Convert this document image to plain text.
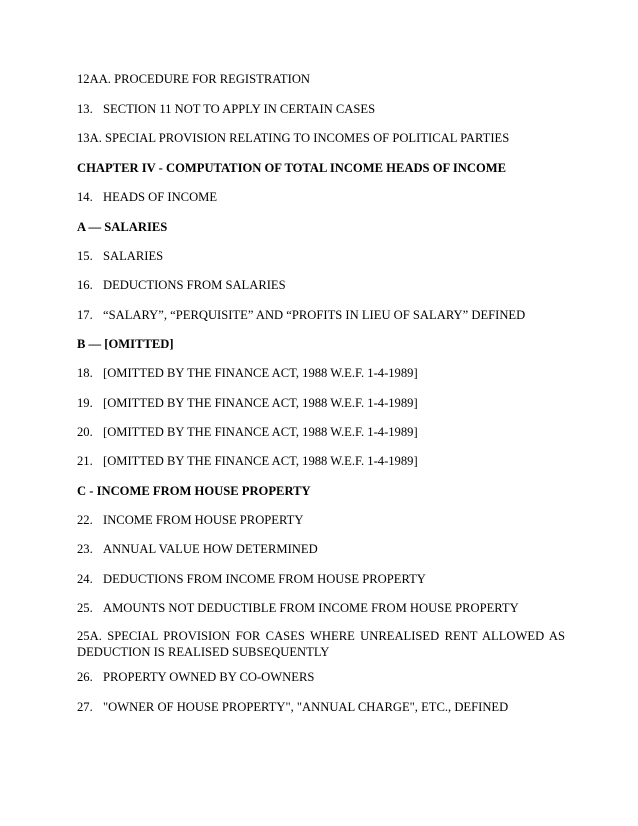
12AA. PROCEDURE FOR REGISTRATION
13. SECTION 11 NOT TO APPLY IN CERTAIN CASES
13A. SPECIAL PROVISION RELATING TO INCOMES OF POLITICAL PARTIES
CHAPTER IV - COMPUTATION OF TOTAL INCOME HEADS OF INCOME
14. HEADS OF INCOME
A — SALARIES
15. SALARIES
16. DEDUCTIONS FROM SALARIES
17. “SALARY”, “PERQUISITE” AND “PROFITS IN LIEU OF SALARY” DEFINED
B — [OMITTED]
18. [OMITTED BY THE FINANCE ACT, 1988 W.E.F. 1-4-1989]
19. [OMITTED BY THE FINANCE ACT, 1988 W.E.F. 1-4-1989]
20. [OMITTED BY THE FINANCE ACT, 1988 W.E.F. 1-4-1989]
21. [OMITTED BY THE FINANCE ACT, 1988 W.E.F. 1-4-1989]
C - INCOME FROM HOUSE PROPERTY
22. INCOME FROM HOUSE PROPERTY
23. ANNUAL VALUE HOW DETERMINED
24. DEDUCTIONS FROM INCOME FROM HOUSE PROPERTY
25. AMOUNTS NOT DEDUCTIBLE FROM INCOME FROM HOUSE PROPERTY
25A. SPECIAL PROVISION FOR CASES WHERE UNREALISED RENT ALLOWED AS DEDUCTION IS REALISED SUBSEQUENTLY
26. PROPERTY OWNED BY CO-OWNERS
27. "OWNER OF HOUSE PROPERTY", "ANNUAL CHARGE", ETC., DEFINED
